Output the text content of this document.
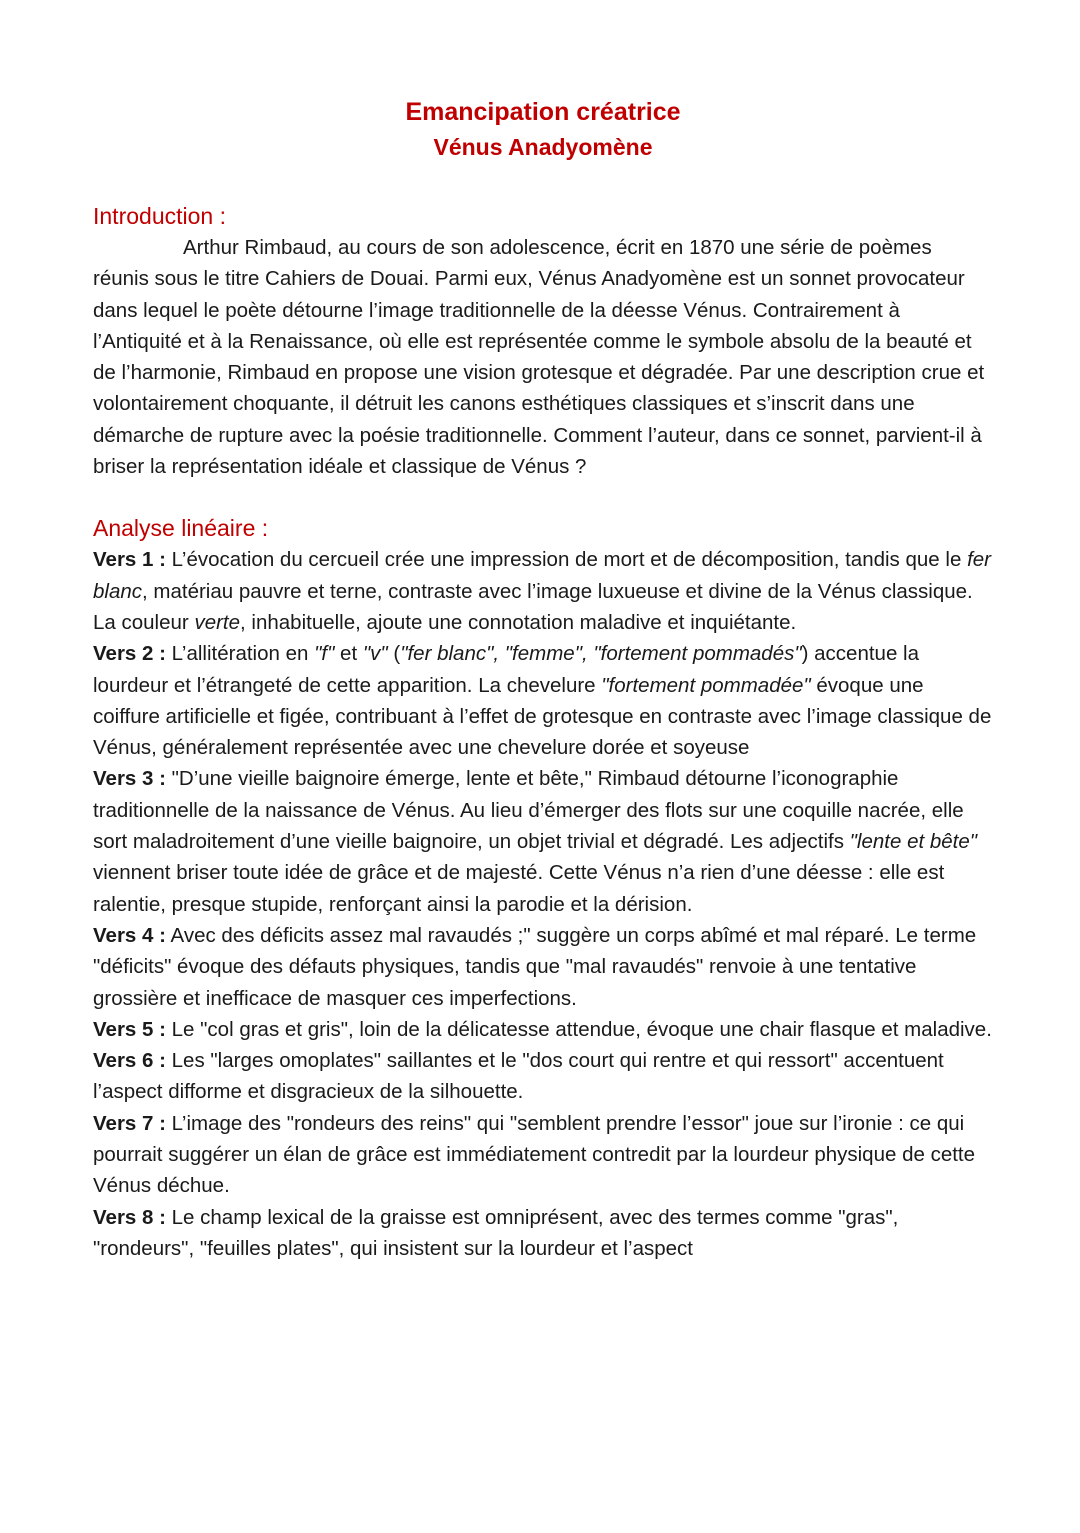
Emancipation créatrice
Vénus Anadyomène
Introduction :

Arthur Rimbaud, au cours de son adolescence, écrit en 1870 une série de poèmes réunis sous le titre Cahiers de Douai. Parmi eux, Vénus Anadyomène est un sonnet provocateur dans lequel le poète détourne l’image traditionnelle de la déesse Vénus. Contrairement à l’Antiquité et à la Renaissance, où elle est représentée comme le symbole absolu de la beauté et de l’harmonie, Rimbaud en propose une vision grotesque et dégradée. Par une description crue et volontairement choquante, il détruit les canons esthétiques classiques et s’inscrit dans une démarche de rupture avec la poésie traditionnelle. Comment l’auteur, dans ce sonnet, parvient-il à briser la représentation idéale et classique de Vénus ?

Analyse linéaire :

Vers 1 : L’évocation du cercueil crée une impression de mort et de décomposition, tandis que le fer blanc, matériau pauvre et terne, contraste avec l’image luxueuse et divine de la Vénus classique. La couleur verte, inhabituelle, ajoute une connotation maladive et inquiétante.

Vers 2 : L’allitération en "f" et "v" ("fer blanc", "femme", "fortement pommadés") accentue la lourdeur et l’étrangeté de cette apparition. La chevelure "fortement pommadée" évoque une coiffure artificielle et figée, contribuant à l’effet de grotesque en contraste avec l’image classique de Vénus, généralement représentée avec une chevelure dorée et soyeuse

Vers 3 : "D’une vieille baignoire émerge, lente et bête," Rimbaud détourne l’iconographie traditionnelle de la naissance de Vénus. Au lieu d’émerger des flots sur une coquille nacrée, elle sort maladroitement d’une vieille baignoire, un objet trivial et dégradé. Les adjectifs "lente et bête" viennent briser toute idée de grâce et de majesté. Cette Vénus n’a rien d’une déesse : elle est ralentie, presque stupide, renforçant ainsi la parodie et la dérision.

Vers 4 : Avec des déficits assez mal ravaudés ;" suggère un corps abîmé et mal réparé. Le terme "déficits" évoque des défauts physiques, tandis que "mal ravaudés" renvoie à une tentative grossière et inefficace de masquer ces imperfections.

Vers 5 : Le "col gras et gris", loin de la délicatesse attendue, évoque une chair flasque et maladive.

Vers 6 : Les "larges omoplates" saillantes et le "dos court qui rentre et qui ressort" accentuent l’aspect difforme et disgracieux de la silhouette.

Vers 7 : L’image des "rondeurs des reins" qui "semblent prendre l’essor" joue sur l’ironie : ce qui pourrait suggérer un élan de grâce est immédiatement contredit par la lourdeur physique de cette Vénus déchue.

Vers 8 : Le champ lexical de la graisse est omniprésent, avec des termes comme "gras", "rondeurs", "feuilles plates", qui insistent sur la lourdeur et l’aspect
